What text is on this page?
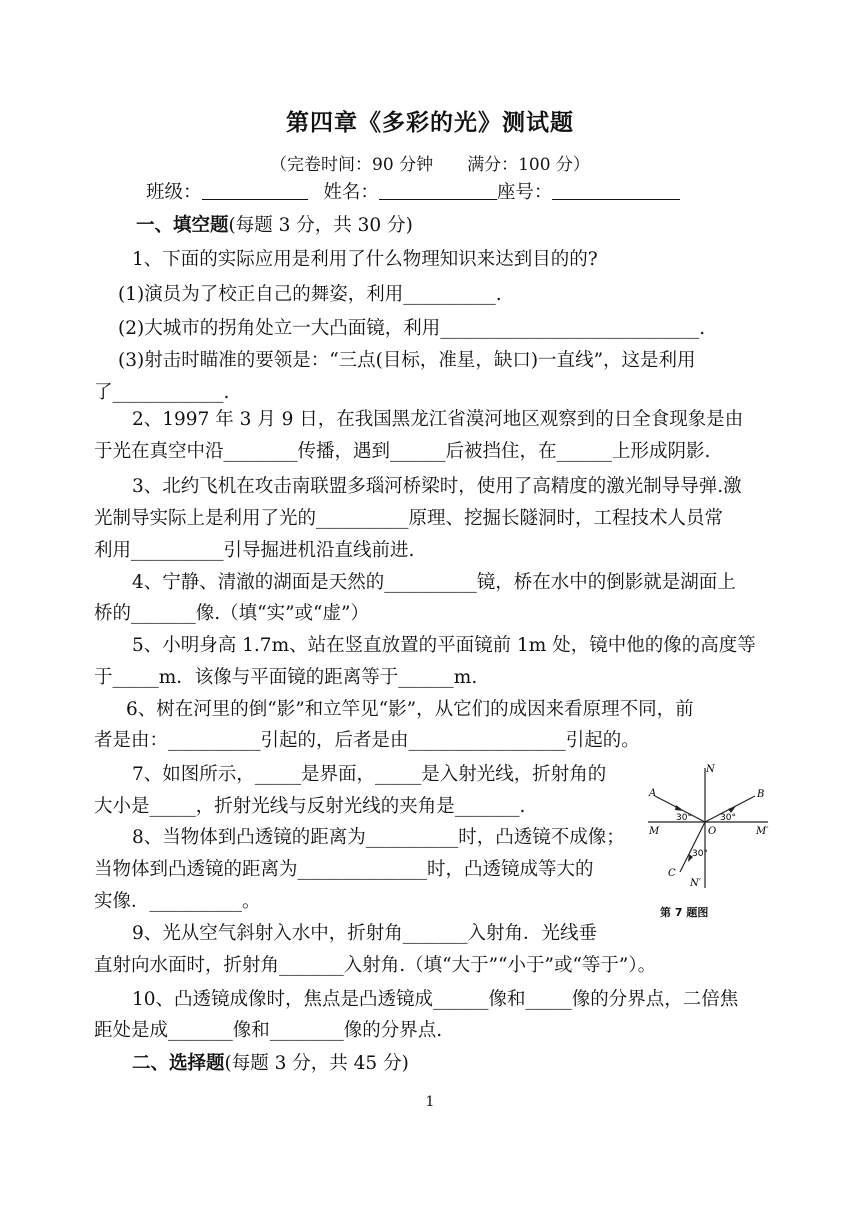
第四章《多彩的光》测试题
（完卷时间：90 分钟　　满分：100 分）
班级：	姓名：	座号：
一、填空题(每题 3 分，共 30 分)
1、下面的实际应用是利用了什么物理知识来达到目的的?
(1)演员为了校正自己的舞姿，利用__________.
(2)大城市的拐角处立一大凸面镜，利用____________________________.
(3)射击时瞄准的要领是：“三点(目标，准星，缺口)一直线”，这是利用
了____________.
2、1997 年 3 月 9 日，在我国黑龙江省漠河地区观察到的日全食现象是由
于光在真空中沿________传播，遇到______后被挡住，在______上形成阴影.
3、北约飞机在攻击南联盟多瑙河桥梁时，使用了高精度的激光制导导弹.激
光制导实际上是利用了光的__________原理、挖掘长隧洞时，工程技术人员常
利用__________引导掘进机沿直线前进.
4、宁静、清澈的湖面是天然的__________镜，桥在水中的倒影就是湖面上
桥的_______像.（填“实”或“虚”）
5、小明身高 1.7m、站在竖直放置的平面镜前 1m 处，镜中他的像的高度等
于_____m．该像与平面镜的距离等于______m.
6、树在河里的倒“影”和立竿见“影”，从它们的成因来看原理不同，前
者是由：__________引起的，后者是由_________________引起的。
7、如图所示，_____是界面，_____是入射光线，折射角的
大小是_____，折射光线与反射光线的夹角是_______.
8、当物体到凸透镜的距离为__________时，凸透镜不成像；
当物体到凸透镜的距离为______________时，凸透镜成等大的
实像．__________。
9、光从空气斜射入水中，折射角_______入射角．光线垂
直射向水面时，折射角_______入射角.（填“大于”“小于”或“等于”）。
10、凸透镜成像时，焦点是凸透镜成______像和_____像的分界点，二倍焦
距处是成_______像和________像的分界点.
二、选择题(每题 3 分，共 45 分)
N
A	B
M	M′
O
C
N′
30°	30°
30°
第 7 题图
1
